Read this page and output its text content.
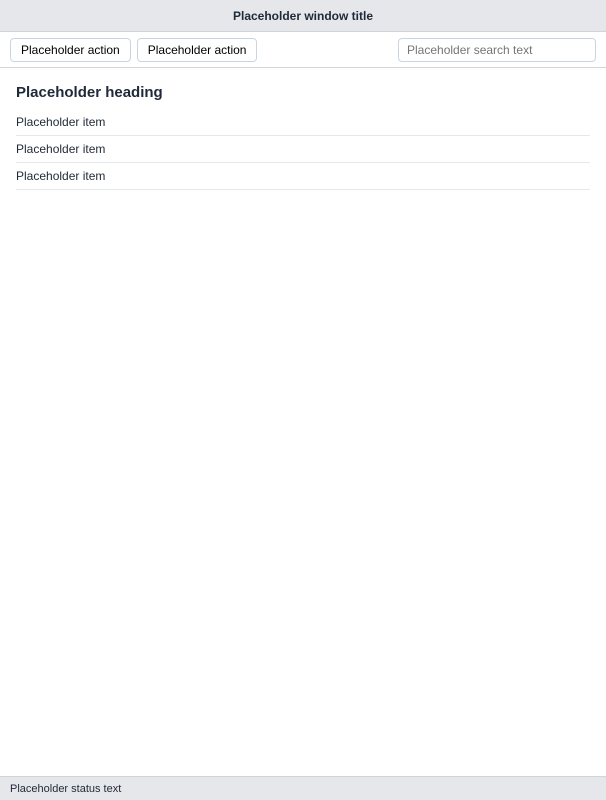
Placeholder window title
Placeholder action	Placeholder action
Placeholder search text
Placeholder heading
Placeholder item
Placeholder item
Placeholder item
Placeholder status text
